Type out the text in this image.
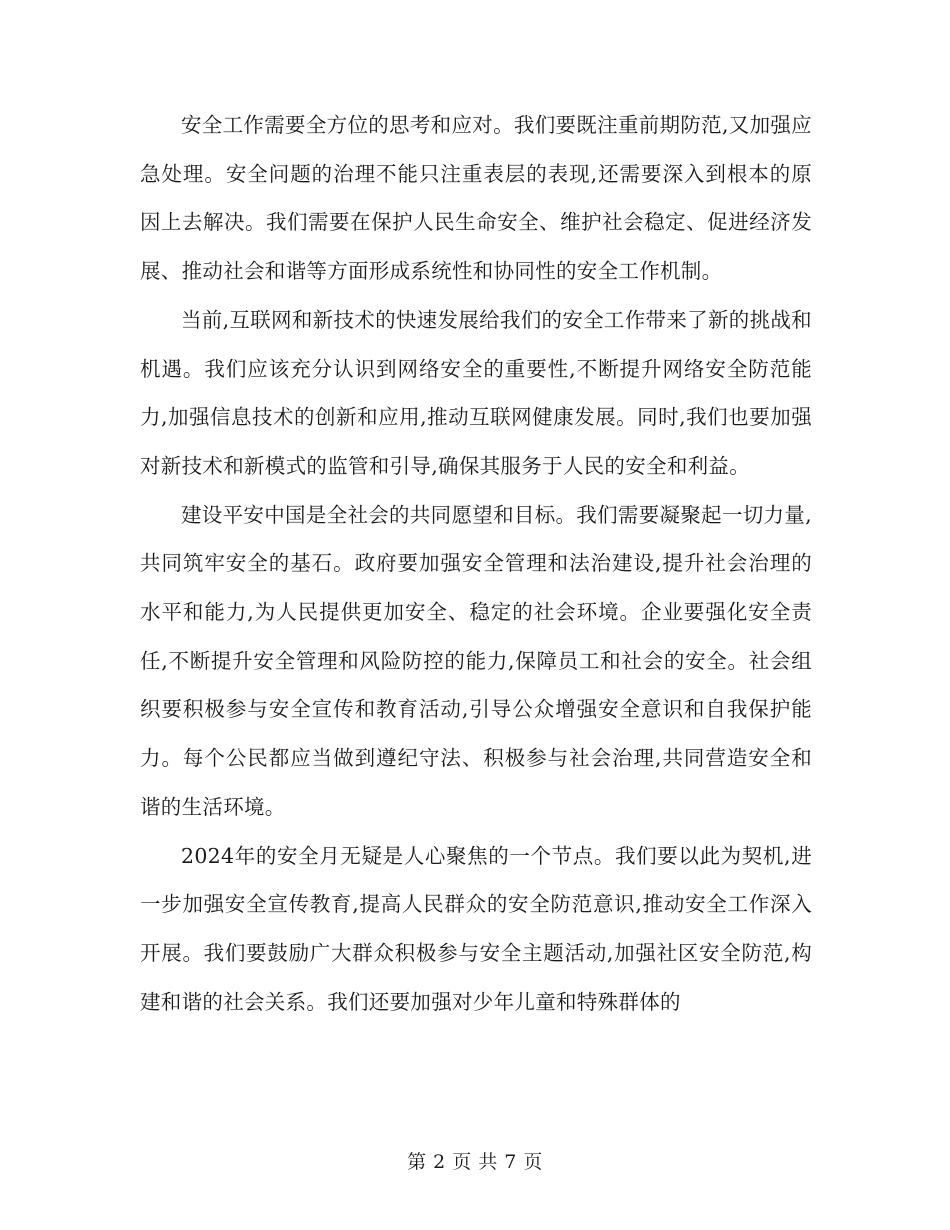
安全工作需要全方位的思考和应对。我们要既注重前期防范,又加强应急处理。安全问题的治理不能只注重表层的表现,还需要深入到根本的原因上去解决。我们需要在保护人民生命安全、维护社会稳定、促进经济发展、推动社会和谐等方面形成系统性和协同性的安全工作机制。

当前,互联网和新技术的快速发展给我们的安全工作带来了新的挑战和机遇。我们应该充分认识到网络安全的重要性,不断提升网络安全防范能力,加强信息技术的创新和应用,推动互联网健康发展。同时,我们也要加强对新技术和新模式的监管和引导,确保其服务于人民的安全和利益。

建设平安中国是全社会的共同愿望和目标。我们需要凝聚起一切力量,共同筑牢安全的基石。政府要加强安全管理和法治建设,提升社会治理的水平和能力,为人民提供更加安全、稳定的社会环境。企业要强化安全责任,不断提升安全管理和风险防控的能力,保障员工和社会的安全。社会组织要积极参与安全宣传和教育活动,引导公众增强安全意识和自我保护能力。每个公民都应当做到遵纪守法、积极参与社会治理,共同营造安全和谐的生活环境。

2024年的安全月无疑是人心聚焦的一个节点。我们要以此为契机,进一步加强安全宣传教育,提高人民群众的安全防范意识,推动安全工作深入开展。我们要鼓励广大群众积极参与安全主题活动,加强社区安全防范,构建和谐的社会关系。我们还要加强对少年儿童和特殊群体的

第 2 页 共 7 页
